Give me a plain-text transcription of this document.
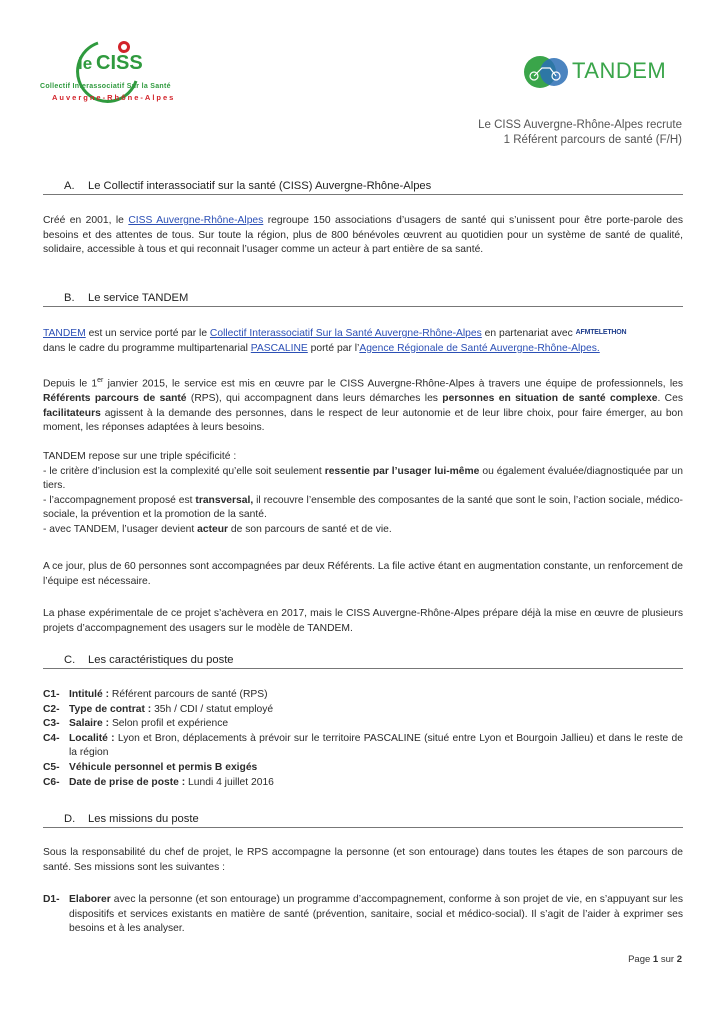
le CISS
Collectif Interassociatif Sur la Santé
Auvergne-Rhône-Alpes
TANDEM
Le CISS Auvergne-Rhône-Alpes recrute
1 Référent parcours de santé (F/H)
A. Le Collectif interassociatif sur la santé (CISS) Auvergne-Rhône-Alpes

Créé en 2001, le CISS Auvergne-Rhône-Alpes regroupe 150 associations d’usagers de santé qui s’unissent pour être porte-parole des besoins et des attentes de tous. Sur toute la région, plus de 800 bénévoles œuvrent au quotidien pour un système de santé de qualité, solidaire, accessible à tous et qui reconnait l’usager comme un acteur à part entière de sa santé.

B. Le service TANDEM

TANDEM est un service porté par le Collectif Interassociatif Sur la Santé Auvergne-Rhône-Alpes en partenariat avec AFMTELETHON
dans le cadre du programme multipartenarial PASCALINE porté par l’Agence Régionale de Santé Auvergne-Rhône-Alpes.

Depuis le 1er janvier 2015, le service est mis en œuvre par le CISS Auvergne-Rhône-Alpes à travers une équipe de professionnels, les Référents parcours de santé (RPS), qui accompagnent dans leurs démarches les personnes en situation de santé complexe. Ces facilitateurs agissent à la demande des personnes, dans le respect de leur autonomie et de leur libre choix, pour faire émerger, au bon moment, les réponses adaptées à leurs besoins.

TANDEM repose sur une triple spécificité :

- le critère d’inclusion est la complexité qu’elle soit seulement ressentie par l’usager lui-même ou également évaluée/diagnostiquée par un tiers.

- l’accompagnement proposé est transversal, il recouvre l’ensemble des composantes de la santé que sont le soin, l’action sociale, médico-sociale, la prévention et la promotion de la santé.

- avec TANDEM, l’usager devient acteur de son parcours de santé et de vie.

A ce jour, plus de 60 personnes sont accompagnées par deux Référents. La file active étant en augmentation constante, un renforcement de l’équipe est nécessaire.

La phase expérimentale de ce projet s’achèvera en 2017, mais le CISS Auvergne-Rhône-Alpes prépare déjà la mise en œuvre de plusieurs projets d’accompagnement des usagers sur le modèle de TANDEM.

C. Les caractéristiques du poste
C1- Intitulé : Référent parcours de santé (RPS)
C2- Type de contrat : 35h / CDI / statut employé
C3- Salaire : Selon profil et expérience
C4- Localité : Lyon et Bron, déplacements à prévoir sur le territoire PASCALINE (situé entre Lyon et Bourgoin Jallieu) et dans le reste de la région
C5- Véhicule personnel et permis B exigés
C6- Date de prise de poste : Lundi 4 juillet 2016
D. Les missions du poste

Sous la responsabilité du chef de projet, le RPS accompagne la personne (et son entourage) dans toutes les étapes de son parcours de santé. Ses missions sont les suivantes :

D1- Elaborer avec la personne (et son entourage) un programme d’accompagnement, conforme à son projet de vie, en s’appuyant sur les dispositifs et services existants en matière de santé (prévention, sanitaire, social et médico-social). Il s’agit de l’aider à exprimer ses besoins et à les analyser.
Page 1 sur 2
